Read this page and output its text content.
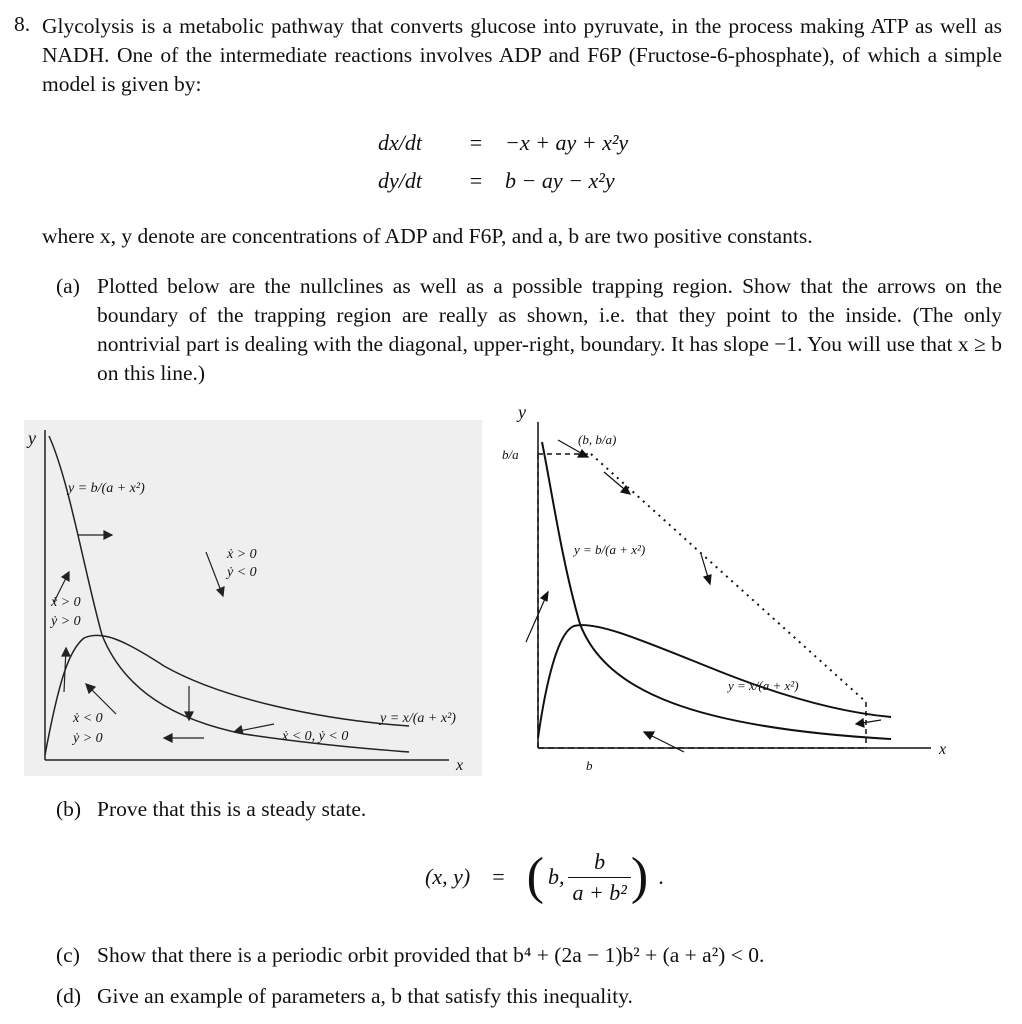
8. Glycolysis is a metabolic pathway that converts glucose into pyruvate, in the process making ATP as well as NADH. One of the intermediate reactions involves ADP and F6P (Fructose-6-phosphate), of which a simple model is given by:
dx/dt	= −x + ay + x²y
dy/dt	= b − ay − x²y
where x, y denote are concentrations of ADP and F6P, and a, b are two positive constants.
(a) Plotted below are the nullclines as well as a possible trapping region. Show that the arrows on the boundary of the trapping region are really as shown, i.e. that they point to the inside. (The only nontrivial part is dealing with the diagonal, upper-right, boundary. It has slope −1. You will use that x ≥ b on this line.)
y
x
y = b/(a + x²)
y = x/(a + x²)
ẋ > 0
ẏ < 0
ẋ > 0
ẏ > 0
ẋ < 0
ẏ > 0	ẋ < 0, ẏ < 0
y
x
b/a
b
(b, b/a)
y = b/(a + x²)
y = x/(a + x²)
(b) Prove that this is a steady state.
(x, y) = ( b, $\frac{b}{\text{a + b²}}$ ) .
(c) Show that there is a periodic orbit provided that b⁴ + (2a − 1)b² + (a + a²) < 0.
(d) Give an example of parameters a, b that satisfy this inequality.
